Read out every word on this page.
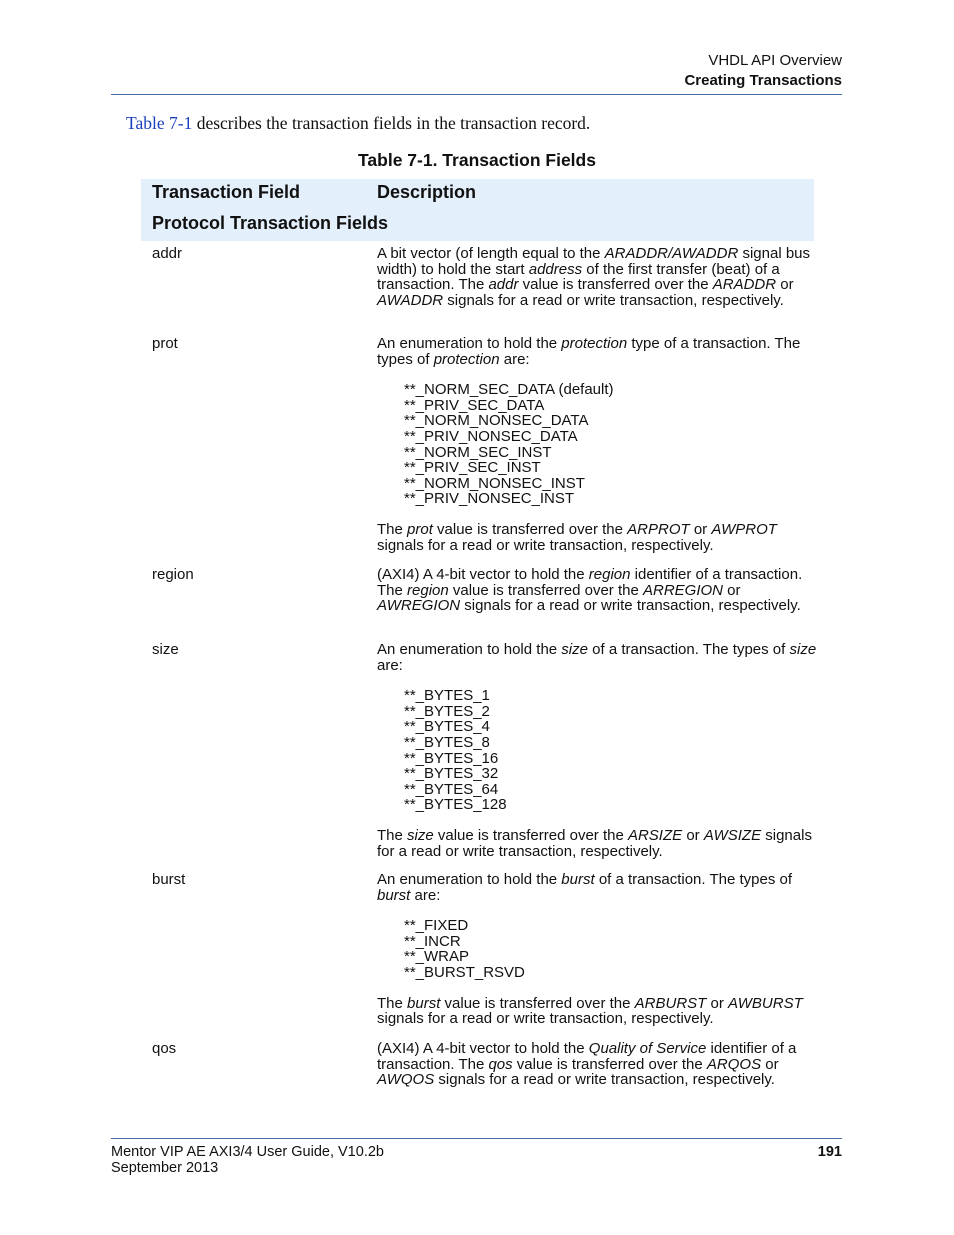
VHDL API Overview
Creating Transactions
Table 7-1 describes the transaction fields in the transaction record.
Table 7-1. Transaction Fields
Transaction Field	Description
Protocol Transaction Fields
addr	A bit vector (of length equal to the ARADDR/AWADDR signal bus width) to hold the start address of the first transfer (beat) of a transaction. The addr value is transferred over the ARADDR or AWADDR signals for a read or write transaction, respectively.

prot	An enumeration to hold the protection type of a transaction. The types of protection are:

**_NORM_SEC_DATA (default)
**_PRIV_SEC_DATA
**_NORM_NONSEC_DATA
**_PRIV_NONSEC_DATA
**_NORM_SEC_INST
**_PRIV_SEC_INST
**_NORM_NONSEC_INST
**_PRIV_NONSEC_INST

The prot value is transferred over the ARPROT or AWPROT signals for a read or write transaction, respectively.

region	(AXI4) A 4-bit vector to hold the region identifier of a transaction. The region value is transferred over the ARREGION or AWREGION signals for a read or write transaction, respectively.

size	An enumeration to hold the size of a transaction. The types of size are:

**_BYTES_1
**_BYTES_2
**_BYTES_4
**_BYTES_8
**_BYTES_16
**_BYTES_32
**_BYTES_64
**_BYTES_128

The size value is transferred over the ARSIZE or AWSIZE signals for a read or write transaction, respectively.

burst	An enumeration to hold the burst of a transaction. The types of burst are:

**_FIXED
**_INCR
**_WRAP
**_BURST_RSVD

The burst value is transferred over the ARBURST or AWBURST signals for a read or write transaction, respectively.

qos	(AXI4) A 4-bit vector to hold the Quality of Service identifier of a transaction. The qos value is transferred over the ARQOS or AWQOS signals for a read or write transaction, respectively.

Mentor VIP AE AXI3/4 User Guide, V10.2b
September 2013
191
